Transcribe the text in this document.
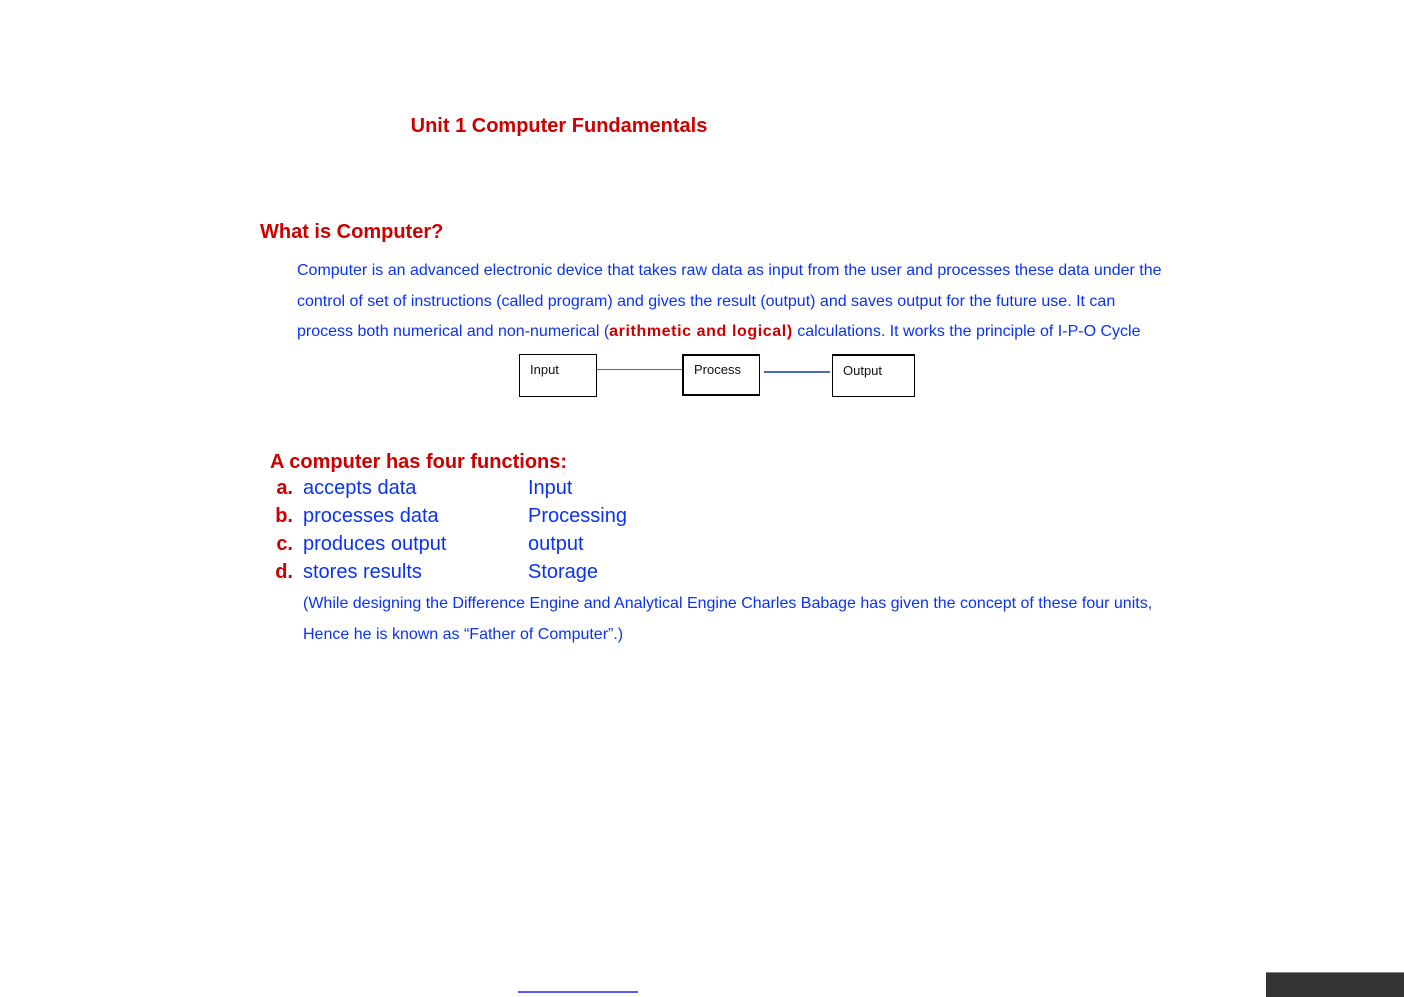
Unit 1 Computer Fundamentals
What is Computer?
Computer is an advanced electronic device that takes raw data as input from the user and processes these data under the control of set of instructions (called program) and gives the result (output) and saves output for the future use. It can process both numerical and non-numerical (arithmetic and logical) calculations. It works the principle of I-P-O Cycle
Input	Process	Output
A computer has four functions:
a. accepts data	Input
b. processes data	Processing
c. produces output	output
d. stores results	Storage
(While designing the Difference Engine and Analytical Engine Charles Babage has given the concept of these four units, Hence he is known as “Father of Computer”.)
